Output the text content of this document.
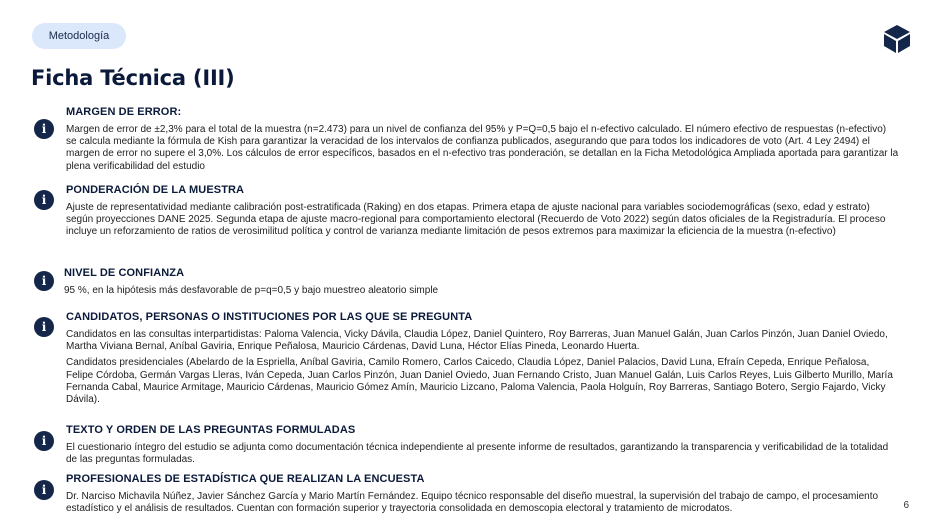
Metodología
Ficha Técnica (III)
i

MARGEN DE ERROR:

Margen de error de ±2,3% para el total de la muestra (n=2.473) para un nivel de confianza del 95% y P=Q=0,5 bajo el n-efectivo calculado. El número efectivo de respuestas (n-efectivo) se calcula mediante la fórmula de Kish para garantizar la veracidad de los intervalos de confianza publicados, asegurando que para todos los indicadores de voto (Art. 4 Ley 2494) el margen de error no supere el 3,0%. Los cálculos de error específicos, basados en el n-efectivo tras ponderación, se detallan en la Ficha Metodológica Ampliada aportada para garantizar la plena verificabilidad del estudio

i

PONDERACIÓN DE LA MUESTRA

Ajuste de representatividad mediante calibración post-estratificada (Raking) en dos etapas. Primera etapa de ajuste nacional para variables sociodemográficas (sexo, edad y estrato) según proyecciones DANE 2025. Segunda etapa de ajuste macro-regional para comportamiento electoral (Recuerdo de Voto 2022) según datos oficiales de la Registraduría. El proceso incluye un reforzamiento de ratios de verosimilitud política y control de varianza mediante limitación de pesos extremos para maximizar la eficiencia de la muestra (n-efectivo)

i

NIVEL DE CONFIANZA

95 %, en la hipótesis más desfavorable de p=q=0,5 y bajo muestreo aleatorio simple

i

CANDIDATOS, PERSONAS O INSTITUCIONES POR LAS QUE SE PREGUNTA

Candidatos en las consultas interpartidistas: Paloma Valencia, Vicky Dávila, Claudia López, Daniel Quintero, Roy Barreras, Juan Manuel Galán, Juan Carlos Pinzón, Juan Daniel Oviedo, Martha Viviana Bernal, Aníbal Gaviria, Enrique Peñalosa, Mauricio Cárdenas, David Luna, Héctor Elías Pineda, Leonardo Huerta.

Candidatos presidenciales (Abelardo de la Espriella, Aníbal Gaviria, Camilo Romero, Carlos Caicedo, Claudia López, Daniel Palacios, David Luna, Efraín Cepeda, Enrique Peñalosa, Felipe Córdoba, Germán Vargas Lleras, Iván Cepeda, Juan Carlos Pinzón, Juan Daniel Oviedo, Juan Fernando Cristo, Juan Manuel Galán, Luis Carlos Reyes, Luis Gilberto Murillo, María Fernanda Cabal, Maurice Armitage, Mauricio Cárdenas, Mauricio Gómez Amín, Mauricio Lizcano, Paloma Valencia, Paola Holguín, Roy Barreras, Santiago Botero, Sergio Fajardo, Vicky Dávila).

i

TEXTO Y ORDEN DE LAS PREGUNTAS FORMULADAS

El cuestionario íntegro del estudio se adjunta como documentación técnica independiente al presente informe de resultados, garantizando la transparencia y verificabilidad de la totalidad de las preguntas formuladas.

i

PROFESIONALES DE ESTADÍSTICA QUE REALIZAN LA ENCUESTA

Dr. Narciso Michavila Núñez, Javier Sánchez García y Mario Martín Fernández. Equipo técnico responsable del diseño muestral, la supervisión del trabajo de campo, el procesamiento estadístico y el análisis de resultados. Cuentan con formación superior y trayectoria consolidada en demoscopia electoral y tratamiento de microdatos.	6
